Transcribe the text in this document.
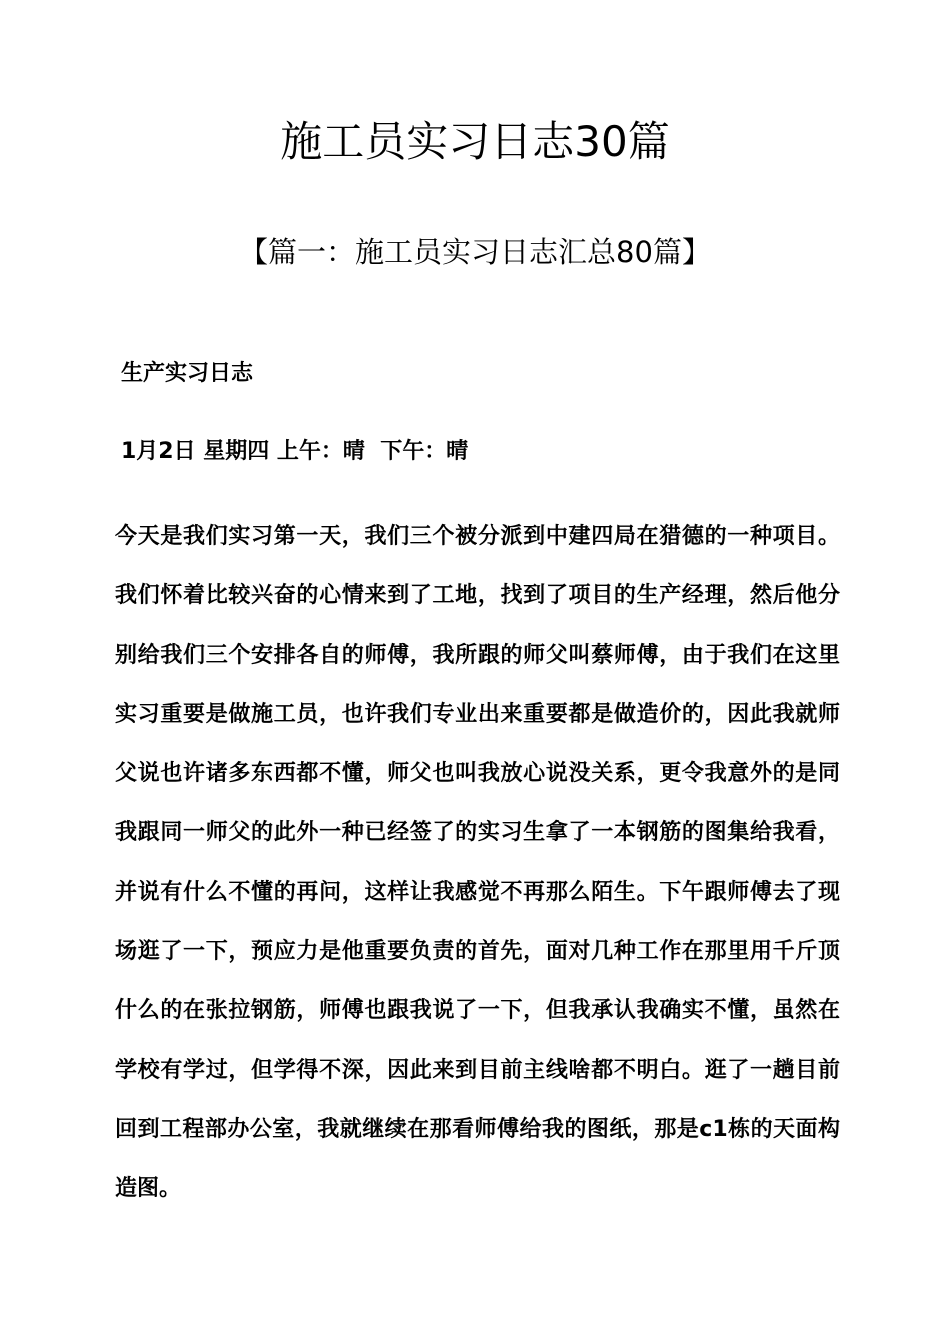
施工员实习日志30篇
【篇一：施工员实习日志汇总80篇】
生产实习日志

1月2日 星期四 上午：晴  下午：晴

今天是我们实习第一天，我们三个被分派到中建四局在猎德的一种项目。我们怀着比较兴奋的心情来到了工地，找到了项目的生产经理，然后他分别给我们三个安排各自的师傅，我所跟的师父叫蔡师傅，由于我们在这里实习重要是做施工员，也许我们专业出来重要都是做造价的，因此我就师父说也许诸多东西都不懂，师父也叫我放心说没关系，更令我意外的是同我跟同一师父的此外一种已经签了的实习生拿了一本钢筋的图集给我看，并说有什么不懂的再问，这样让我感觉不再那么陌生。下午跟师傅去了现场逛了一下，预应力是他重要负责的首先，面对几种工作在那里用千斤顶什么的在张拉钢筋，师傅也跟我说了一下，但我承认我确实不懂，虽然在学校有学过，但学得不深，因此来到目前主线啥都不明白。逛了一趟目前回到工程部办公室，我就继续在那看师傅给我的图纸，那是c1栋的天面构造图。
